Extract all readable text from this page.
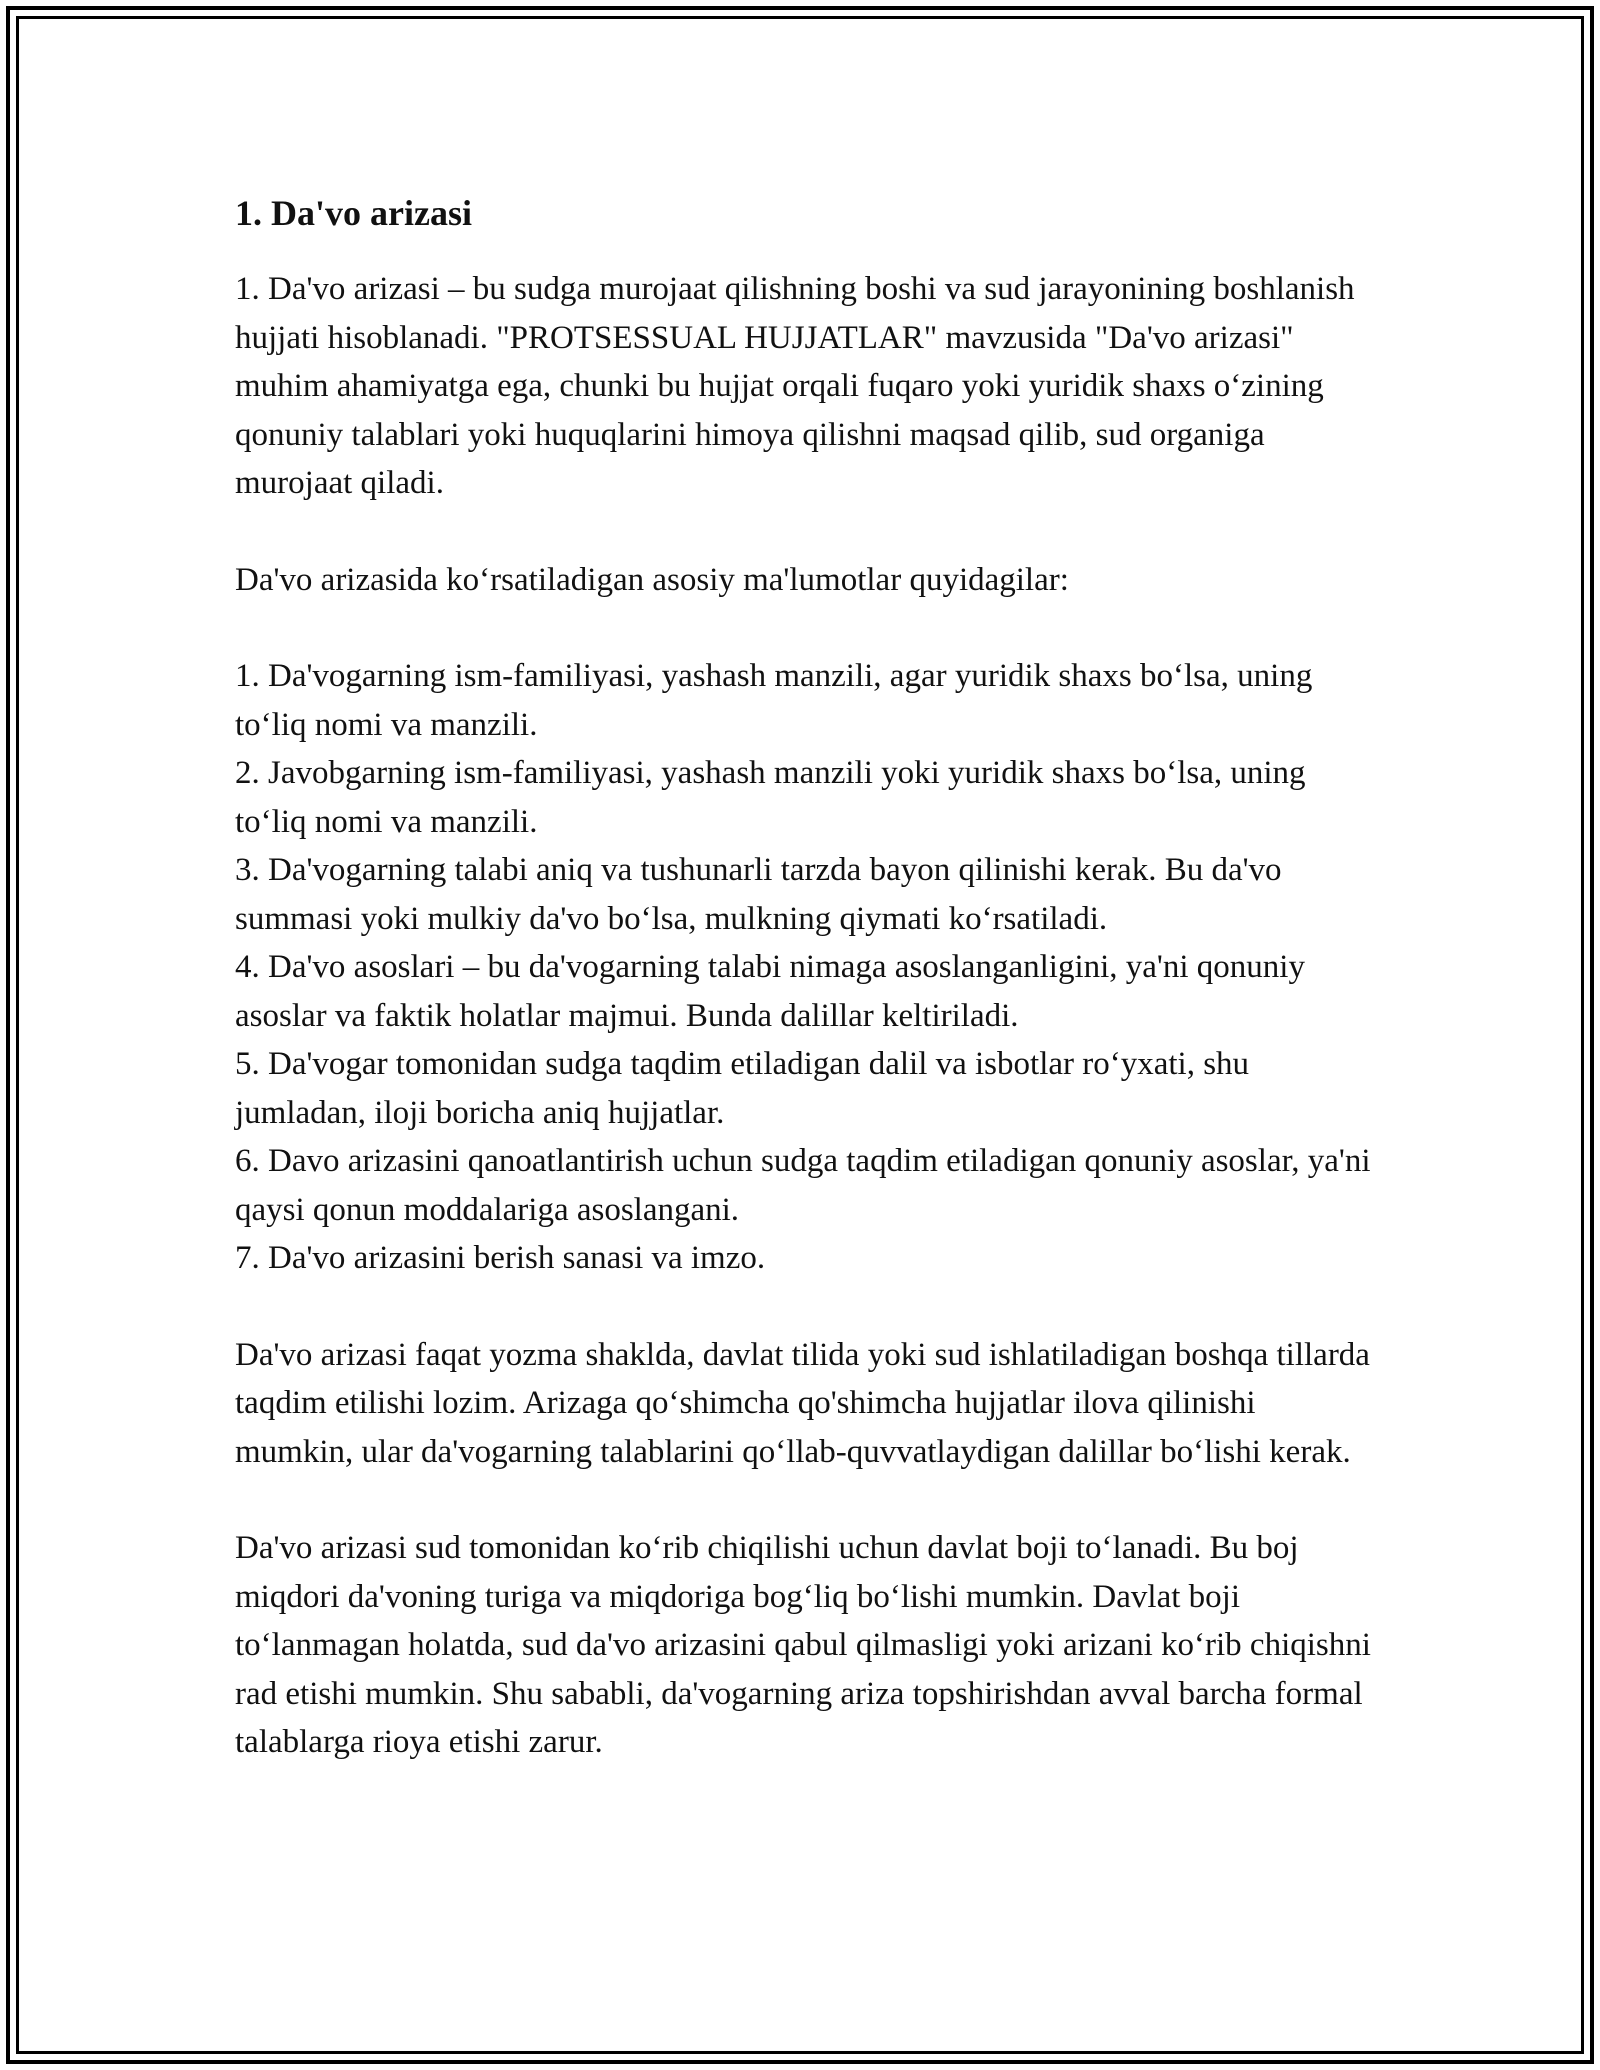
1. Da'vo arizasi

1. Da'vo arizasi – bu sudga murojaat qilishning boshi va sud jarayonining boshlanish hujjati hisoblanadi. "PROTSESSUAL HUJJATLAR" mavzusida "Da'vo arizasi" muhim ahamiyatga ega, chunki bu hujjat orqali fuqaro yoki yuridik shaxs o‘zining qonuniy talablari yoki huquqlarini himoya qilishni maqsad qilib, sud organiga murojaat qiladi.

Da'vo arizasida ko‘rsatiladigan asosiy ma'lumotlar quyidagilar:

1. Da'vogarning ism-familiyasi, yashash manzili, agar yuridik shaxs bo‘lsa, uning to‘liq nomi va manzili.
2. Javobgarning ism-familiyasi, yashash manzili yoki yuridik shaxs bo‘lsa, uning to‘liq nomi va manzili.
3. Da'vogarning talabi aniq va tushunarli tarzda bayon qilinishi kerak. Bu da'vo summasi yoki mulkiy da'vo bo‘lsa, mulkning qiymati ko‘rsatiladi.
4. Da'vo asoslari – bu da'vogarning talabi nimaga asoslanganligini, ya'ni qonuniy asoslar va faktik holatlar majmui. Bunda dalillar keltiriladi.
5. Da'vogar tomonidan sudga taqdim etiladigan dalil va isbotlar ro‘yxati, shu jumladan, iloji boricha aniq hujjatlar.
6. Davo arizasini qanoatlantirish uchun sudga taqdim etiladigan qonuniy asoslar, ya'ni qaysi qonun moddalariga asoslangani.
7. Da'vo arizasini berish sanasi va imzo.

Da'vo arizasi faqat yozma shaklda, davlat tilida yoki sud ishlatiladigan boshqa tillarda taqdim etilishi lozim. Arizaga qo‘shimcha qo'shimcha hujjatlar ilova qilinishi mumkin, ular da'vogarning talablarini qo‘llab-quvvatlaydigan dalillar bo‘lishi kerak.

Da'vo arizasi sud tomonidan ko‘rib chiqilishi uchun davlat boji to‘lanadi. Bu boj miqdori da'voning turiga va miqdoriga bog‘liq bo‘lishi mumkin. Davlat boji to‘lanmagan holatda, sud da'vo arizasini qabul qilmasligi yoki arizani ko‘rib chiqishni rad etishi mumkin. Shu sababli, da'vogarning ariza topshirishdan avval barcha formal talablarga rioya etishi zarur.
